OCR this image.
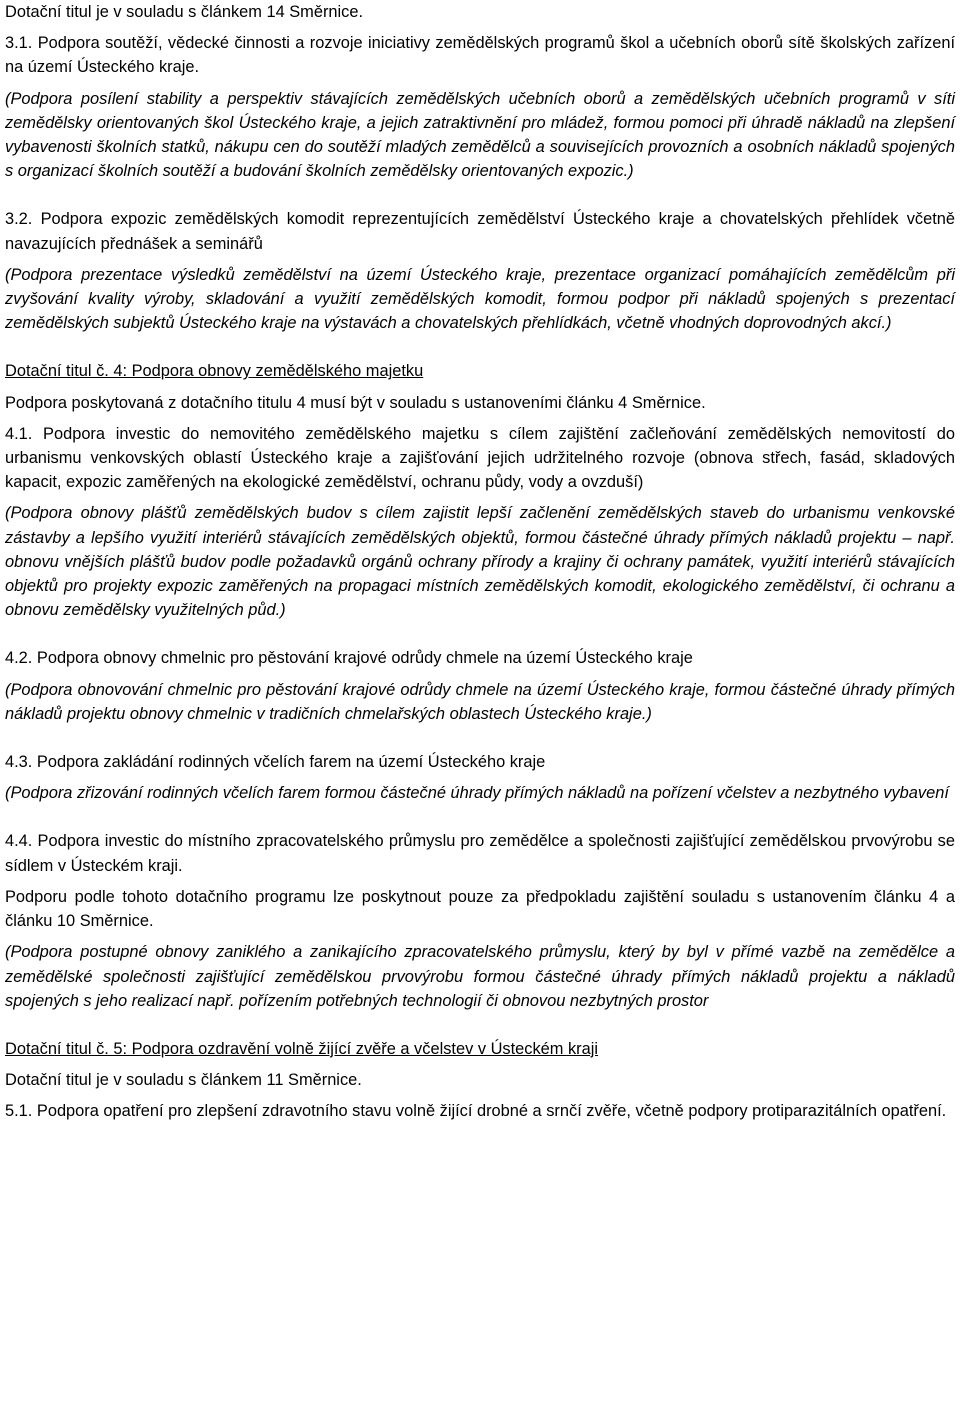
Dotační titul je v souladu s článkem 14 Směrnice.

3.1. Podpora soutěží, vědecké činnosti a rozvoje iniciativy zemědělských programů škol a učebních oborů sítě školských zařízení na území Ústeckého kraje.

(Podpora posílení stability a perspektiv stávajících zemědělských učebních oborů a zemědělských učebních programů v síti zemědělsky orientovaných škol Ústeckého kraje, a jejich zatraktivnění pro mládež, formou pomoci při úhradě nákladů na zlepšení vybavenosti školních statků, nákupu cen do soutěží mladých zemědělců a souvisejících provozních a osobních nákladů spojených s organizací školních soutěží a budování školních zemědělsky orientovaných expozic.)

3.2. Podpora expozic zemědělských komodit reprezentujících zemědělství Ústeckého kraje a chovatelských přehlídek včetně navazujících přednášek a seminářů

(Podpora prezentace výsledků zemědělství na území Ústeckého kraje, prezentace organizací pomáhajících zemědělcům při zvyšování kvality výroby, skladování a využití zemědělských komodit, formou podpor při nákladů spojených s prezentací zemědělských subjektů Ústeckého kraje na výstavách a chovatelských přehlídkách, včetně vhodných doprovodných akcí.)

Dotační titul č. 4: Podpora obnovy zemědělského majetku

Podpora poskytovaná z dotačního titulu 4 musí být v souladu s ustanoveními článku 4 Směrnice.

4.1. Podpora investic do nemovitého zemědělského majetku s cílem zajištění začleňování zemědělských nemovitostí do urbanismu venkovských oblastí Ústeckého kraje a zajišťování jejich udržitelného rozvoje (obnova střech, fasád, skladových kapacit, expozic zaměřených na ekologické zemědělství, ochranu půdy, vody a ovzduší)

(Podpora obnovy plášťů zemědělských budov s cílem zajistit lepší začlenění zemědělských staveb do urbanismu venkovské zástavby a lepšího využití interiérů stávajících zemědělských objektů, formou částečné úhrady přímých nákladů projektu – např. obnovu vnějších plášťů budov podle požadavků orgánů ochrany přírody a krajiny či ochrany památek, využití interiérů stávajících objektů pro projekty expozic zaměřených na propagaci místních zemědělských komodit, ekologického zemědělství, či ochranu a obnovu zemědělsky využitelných půd.)

4.2. Podpora obnovy chmelnic pro pěstování krajové odrůdy chmele na území Ústeckého kraje

(Podpora obnovování chmelnic pro pěstování krajové odrůdy chmele na území Ústeckého kraje, formou částečné úhrady přímých nákladů projektu obnovy chmelnic v tradičních chmelařských oblastech Ústeckého kraje.)

4.3. Podpora zakládání rodinných včelích farem na území Ústeckého kraje

(Podpora zřizování rodinných včelích farem formou částečné úhrady přímých nákladů na pořízení včelstev a nezbytného vybavení

4.4. Podpora investic do místního zpracovatelského průmyslu pro zemědělce a společnosti zajišťující zemědělskou prvovýrobu se sídlem v Ústeckém kraji.

Podporu podle tohoto dotačního programu lze poskytnout pouze za předpokladu zajištění souladu s ustanovením článku 4 a článku 10 Směrnice.

(Podpora postupné obnovy zaniklého a zanikajícího zpracovatelského průmyslu, který by byl v přímé vazbě na zemědělce a zemědělské společnosti zajišťující zemědělskou prvovýrobu formou částečné úhrady přímých nákladů projektu a nákladů spojených s jeho realizací např. pořízením potřebných technologií či obnovou nezbytných prostor

Dotační titul č. 5: Podpora ozdravění volně žijící zvěře a včelstev v Ústeckém kraji

Dotační titul je v souladu s článkem 11 Směrnice.

5.1. Podpora opatření pro zlepšení zdravotního stavu volně žijící drobné a srnčí zvěře, včetně podpory protiparazitálních opatření.
